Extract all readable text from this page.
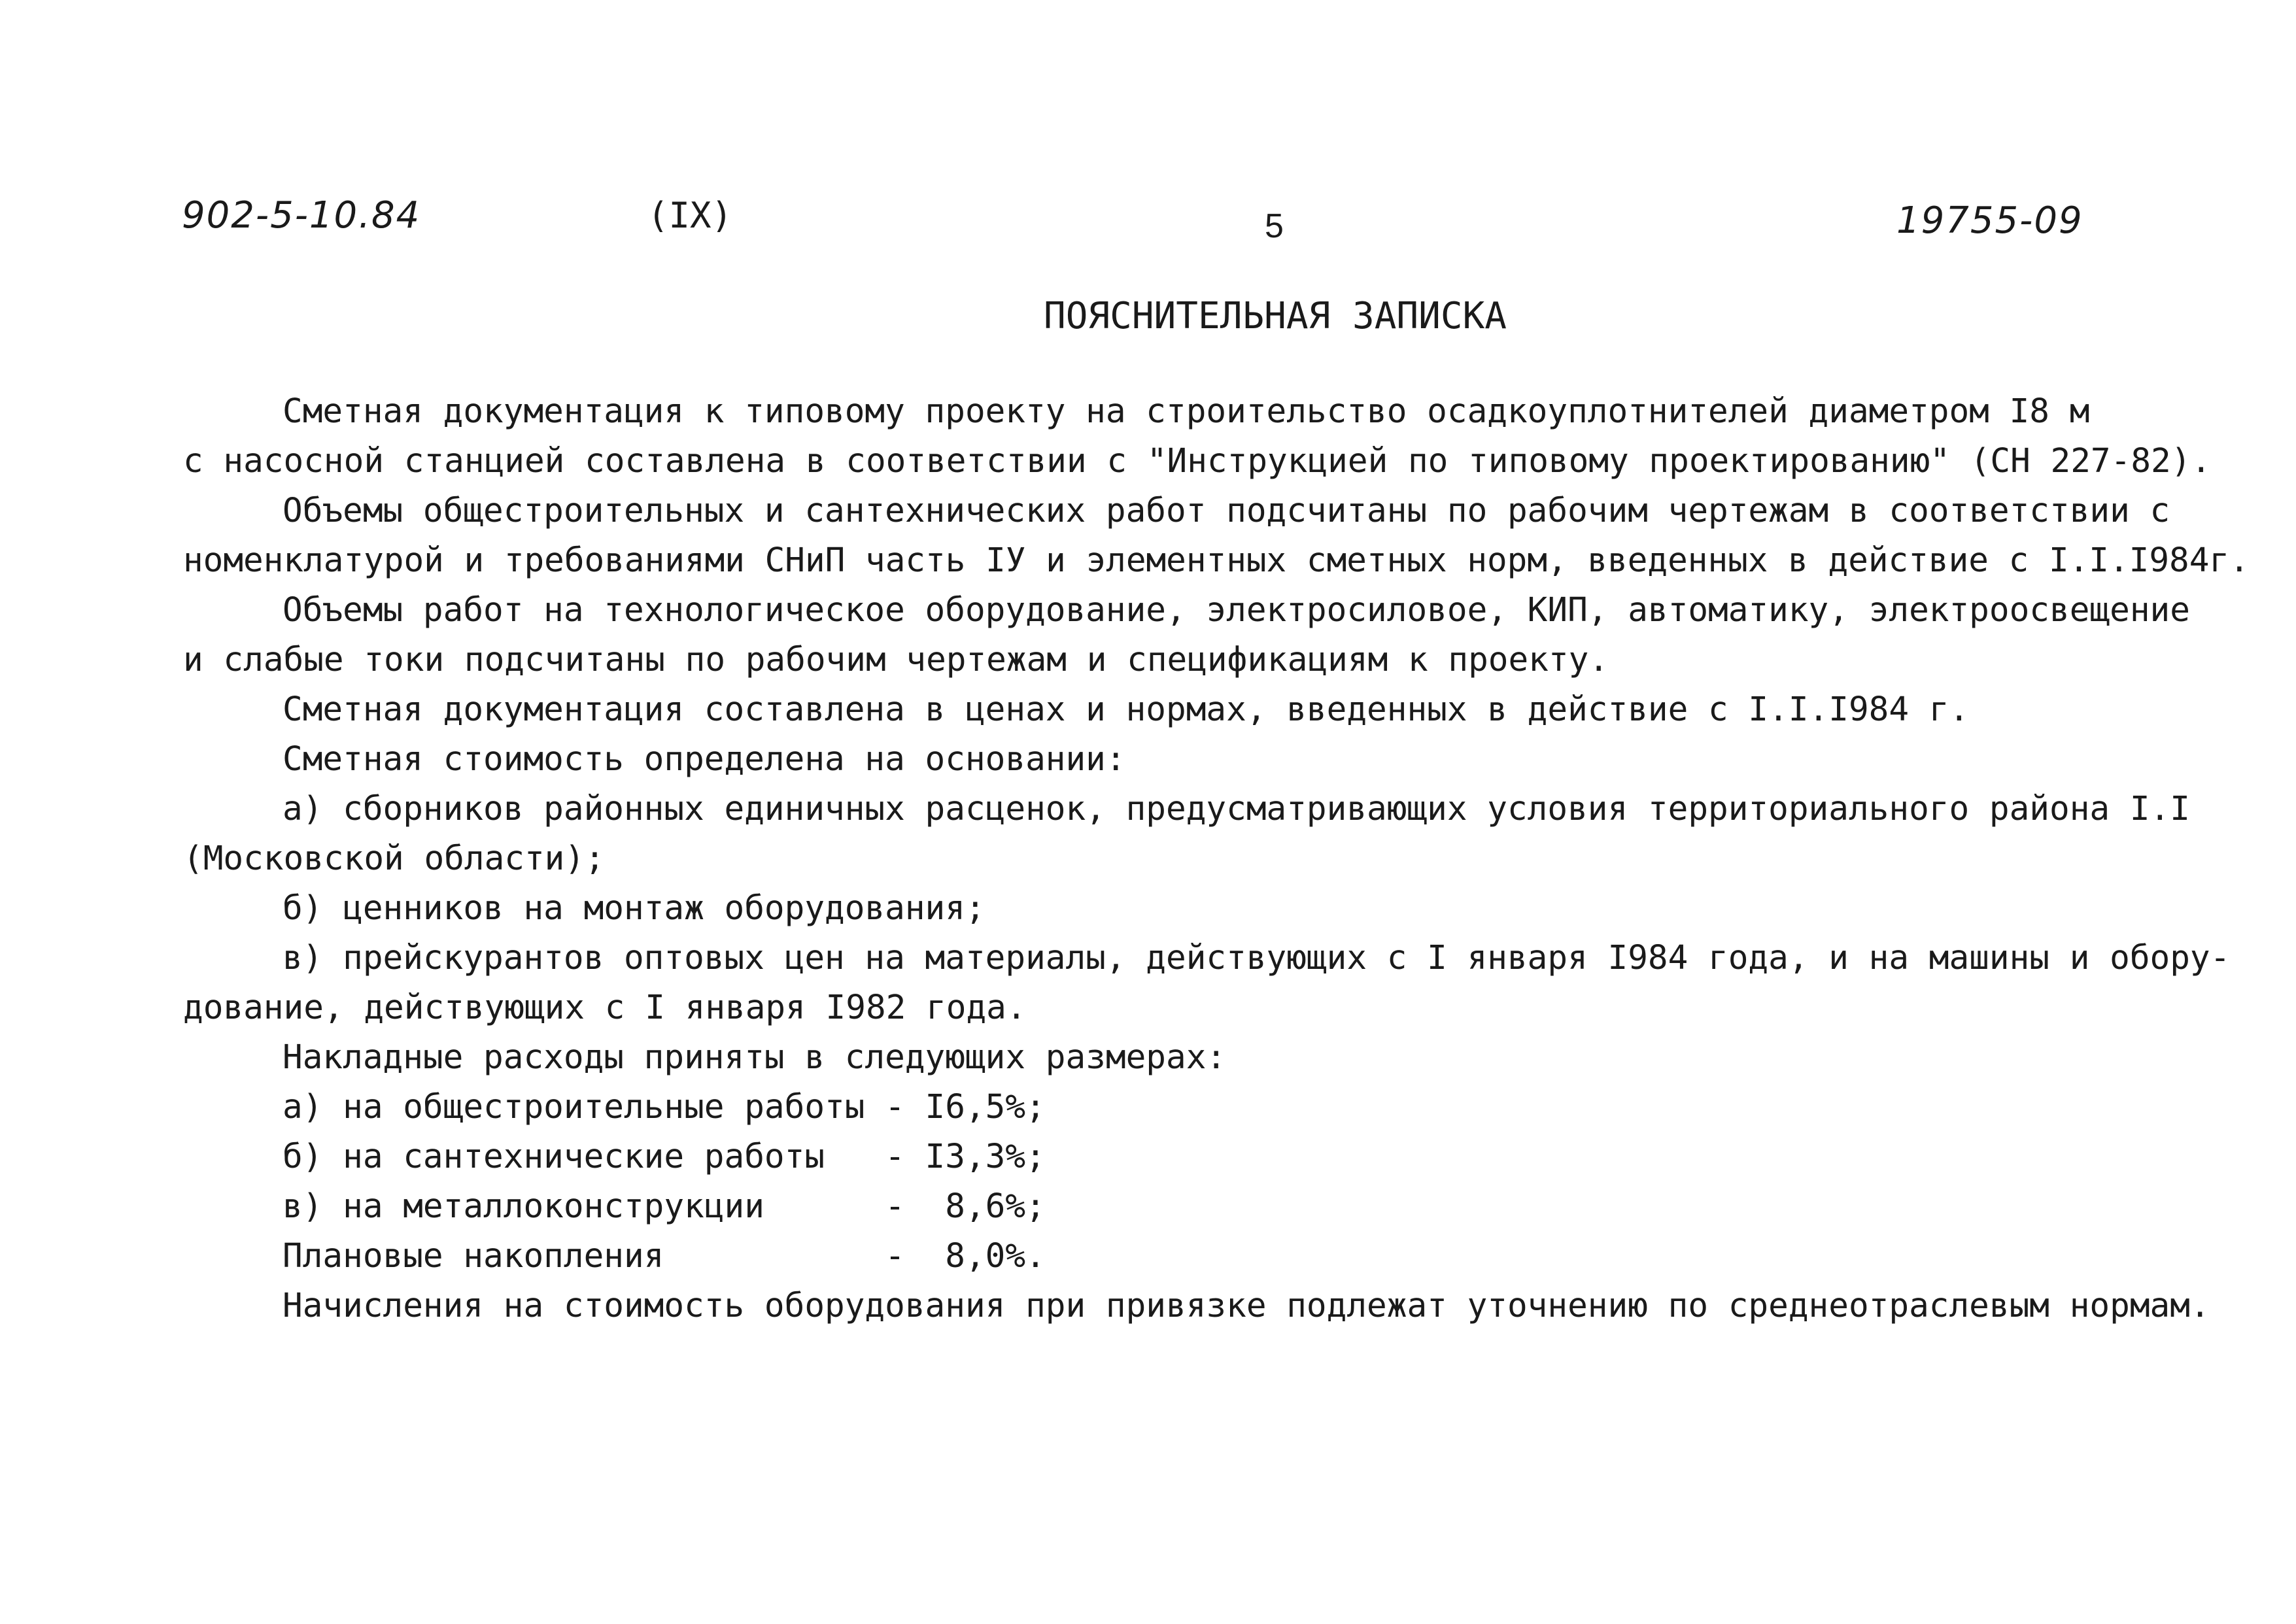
902-5-10.84	(IX)	5	19755-09
ПОЯСНИТЕЛЬНАЯ ЗАПИСКА
Сметная документация к типовому проекту на строительство осадкоуплотнителей диаметром I8 м
с насосной станцией составлена в соответствии с "Инструкцией по типовому проектированию" (СН 227-82).
Объемы общестроительных и сантехнических работ подсчитаны по рабочим чертежам в соответствии с
номенклатурой и требованиями СНиП часть IУ и элементных сметных норм, введенных в действие с I.I.I984г.
Объемы работ на технологическое оборудование, электросиловое, КИП, автоматику, электроосвещение
и слабые токи подсчитаны по рабочим чертежам и спецификациям к проекту.
Сметная документация составлена в ценах и нормах, введенных в действие с I.I.I984 г.
Сметная стоимость определена на основании:
а) сборников районных единичных расценок, предусматривающих условия территориального района I.I
(Московской области);
б) ценников на монтаж оборудования;
в) прейскурантов оптовых цен на материалы, действующих с I января I984 года, и на машины и обору-
дование, действующих с I января I982 года.
Накладные расходы приняты в следующих размерах:
а) на общестроительные работы - I6,5%;
б) на сантехнические работы   - I3,3%;
в) на металлоконструкции      -  8,6%;
Плановые накопления           -  8,0%.
Начисления на стоимость оборудования при привязке подлежат уточнению по среднеотраслевым нормам.
